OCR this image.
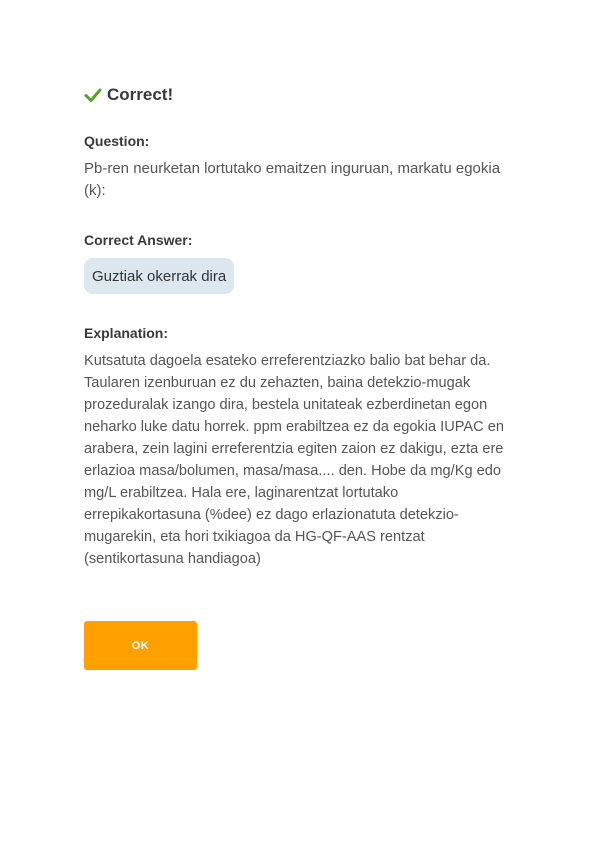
Correct!
Question:
Pb-ren neurketan lortutako emaitzen inguruan, markatu egokia (k):
Correct Answer:
Guztiak okerrak dira
Explanation:
Kutsatuta dagoela esateko erreferentziazko balio bat behar da. Taularen izenburuan ez du zehazten, baina detekzio-mugak prozeduralak izango dira, bestela unitateak ezberdinetan egon neharko luke datu horrek. ppm erabiltzea ez da egokia IUPAC en arabera, zein lagini erreferentzia egiten zaion ez dakigu, ezta ere erlazioa masa/bolumen, masa/masa.... den. Hobe da mg/Kg edo mg/L erabiltzea. Hala ere, laginarentzat lortutako errepikakortasuna (%dee) ez dago erlazionatuta detekzio-mugarekin, eta hori txikiagoa da HG-QF-AAS rentzat (sentikortasuna handiagoa)
OK
